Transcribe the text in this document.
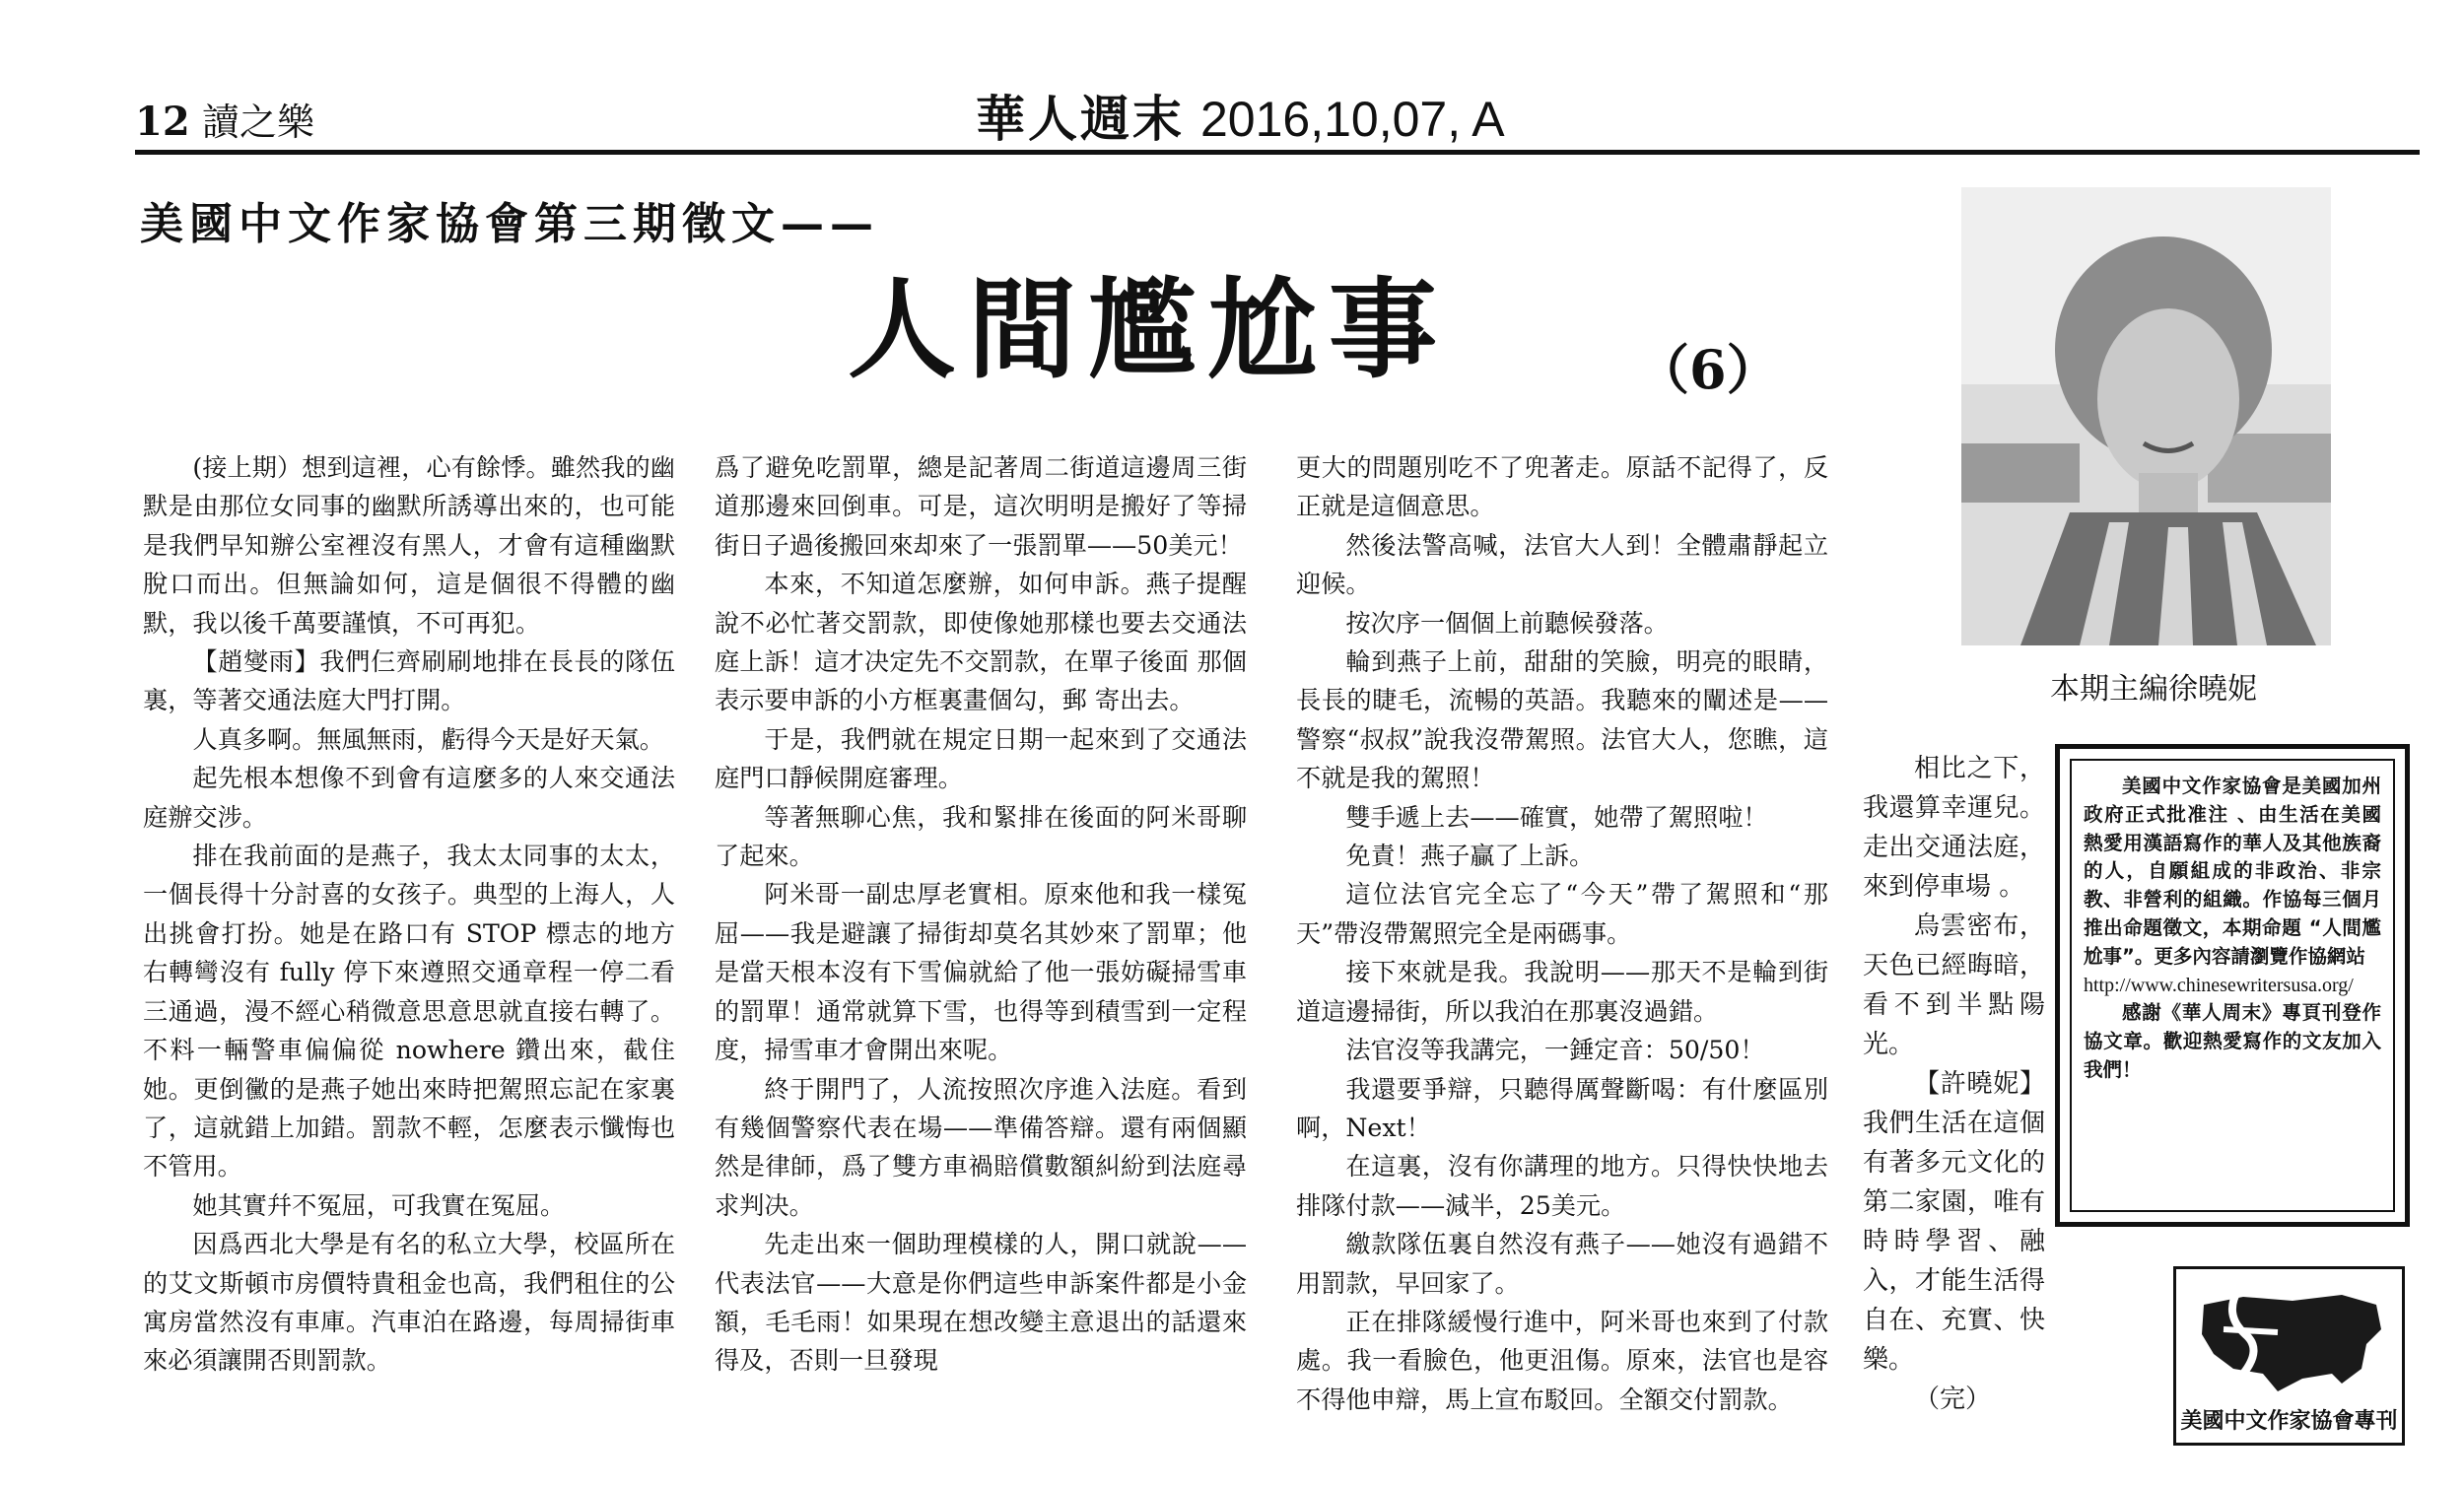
12 讀之樂	華人週末 2016,10,07, A
美國中文作家協會第三期徵文——
人間尷尬事	（6）

(接上期）想到這裡，心有餘悸。雖然我的幽默是由那位女同事的幽默所誘導出來的，也可能是我們早知辦公室裡沒有黑人，才會有這種幽默脫口而出。但無論如何，這是個很不得體的幽默，我以後千萬要謹慎，不可再犯。

【趙燮雨】我們仨齊刷刷地排在長長的隊伍裏，等著交通法庭大門打開。

人真多啊。無風無雨，虧得今天是好天氣。

起先根本想像不到會有這麼多的人來交通法庭辦交涉。

排在我前面的是燕子，我太太同事的太太，一個長得十分討喜的女孩子。典型的上海人，人出挑會打扮。她是在路口有 STOP 標志的地方右轉彎沒有 fully 停下來遵照交通章程一停二看三通過，漫不經心稍微意思意思就直接右轉了。不料一輛警車偏偏從 nowhere 鑽出來，截住她。更倒黴的是燕子她出來時把駕照忘記在家裏了，這就錯上加錯。罰款不輕，怎麼表示懺悔也不管用。

她其實幷不冤屈，可我實在冤屈。

因爲西北大學是有名的私立大學，校區所在的艾文斯頓市房價特貴租金也高，我們租住的公寓房當然沒有車庫。汽車泊在路邊，每周掃街車來必須讓開否則罰款。

爲了避免吃罰單，總是記著周二街道這邊周三街道那邊來回倒車。可是，這次明明是搬好了等掃街日子過後搬回來却來了一張罰單——50美元！

本來，不知道怎麼辦，如何申訴。燕子提醒說不必忙著交罰款，即使像她那樣也要去交通法庭上訴！這才决定先不交罰款，在單子後面 那個表示要申訴的小方框裏畫個勾，郵 寄出去。

于是，我們就在規定日期一起來到了交通法庭門口靜候開庭審理。

等著無聊心焦，我和緊排在後面的阿米哥聊了起來。

阿米哥一副忠厚老實相。原來他和我一樣冤屈——我是避讓了掃街却莫名其妙來了罰單；他是當天根本沒有下雪偏就給了他一張妨礙掃雪車的罰單！通常就算下雪，也得等到積雪到一定程度，掃雪車才會開出來呢。

終于開門了，人流按照次序進入法庭。看到有幾個警察代表在場——準備答辯。還有兩個顯然是律師，爲了雙方車禍賠償數額糾紛到法庭尋求判决。

先走出來一個助理模樣的人，開口就說——代表法官——大意是你們這些申訴案件都是小金額，毛毛雨！如果現在想改變主意退出的話還來得及，否則一旦發現

更大的問題別吃不了兜著走。原話不記得了，反正就是這個意思。

然後法警高喊，法官大人到！全體肅靜起立迎候。

按次序一個個上前聽候發落。

輪到燕子上前，甜甜的笑臉，明亮的眼睛，長長的睫毛，流暢的英語。我聽來的闡述是——警察“叔叔”說我沒帶駕照。法官大人，您瞧，這不就是我的駕照！

雙手遞上去——確實，她帶了駕照啦！

免責！燕子贏了上訴。

這位法官完全忘了“今天”帶了駕照和“那天”帶沒帶駕照完全是兩碼事。

接下來就是我。我說明——那天不是輪到街道這邊掃街，所以我泊在那裏沒過錯。

法官沒等我講完，一錘定音：50/50！

我還要爭辯，只聽得厲聲斷喝：有什麼區別啊，Next！

在這裏，沒有你講理的地方。只得快快地去排隊付款——減半，25美元。

繳款隊伍裏自然沒有燕子——她沒有過錯不用罰款，早回家了。

正在排隊緩慢行進中，阿米哥也來到了付款處。我一看臉色，他更沮傷。原來，法官也是容不得他申辯，馬上宣布駁回。全額交付罰款。

相比之下，我還算幸運兒。走出交通法庭，來到停車場 。

烏雲密布，天色已經晦暗，看不到半點陽光。

【許曉妮】我們生活在這個有著多元文化的第二家園，唯有時時學習、融入，才能生活得自在、充實、快樂。

（完）

本期主編徐曉妮

美國中文作家協會是美國加州政府正式批准注 、由生活在美國 熱愛用漢語寫作的華人及其他族裔的人，自願組成的非政治、非宗教、非營利的組織。作協每三個月推出命題徵文，本期命題 “人間尷尬事”。更多內容請瀏覽作協網站

http://www.chinesewritersusa.org/

感謝《華人周末》專頁刊登作協文章。歡迎熱愛寫作的文友加入我們！

美國中文作家協會專刊
